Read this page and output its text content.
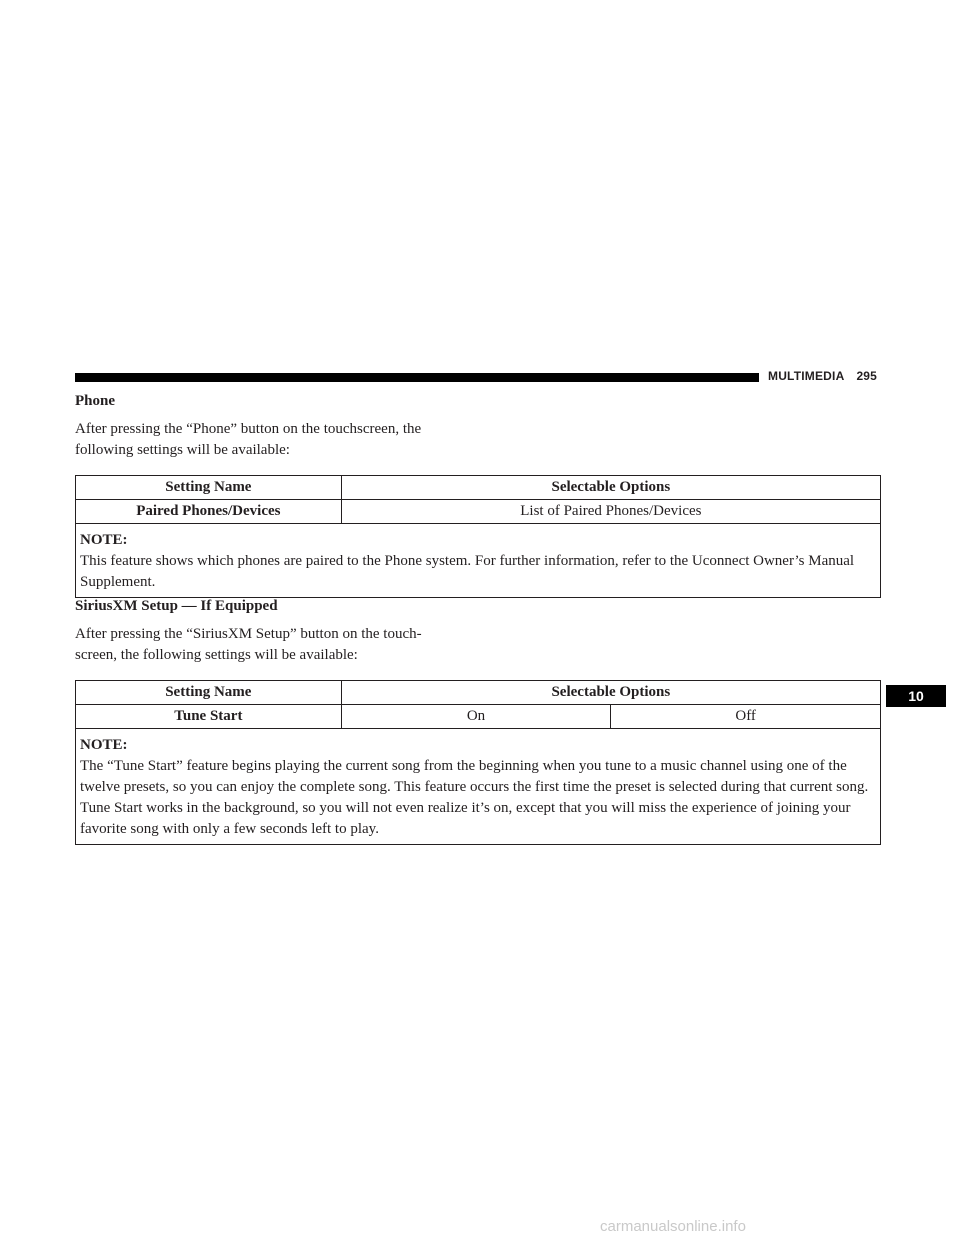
MULTIMEDIA 295
Phone

After pressing the “Phone” button on the touchscreen, the
following settings will be available:

Setting Name	Selectable Options
Paired Phones/Devices	List of Paired Phones/Devices

NOTE:
This feature shows which phones are paired to the Phone system. For further information, refer to the Uconnect Owner’s Manual Supplement.	
SiriusXM Setup — If Equipped

After pressing the “SiriusXM Setup” button on the touch-
screen, the following settings will be available:

Setting Name	Selectable Options	
Tune Start	On	Off

NOTE:
The “Tune Start” feature begins playing the current song from the beginning when you tune to a music channel using one of the twelve presets, so you can enjoy the complete song. This feature occurs the first time the preset is selected during that current song. Tune Start works in the background, so you will not even realize it’s on, except that you will miss the experience of joining your favorite song with only a few seconds left to play.		
10
carmanualsonline.info
